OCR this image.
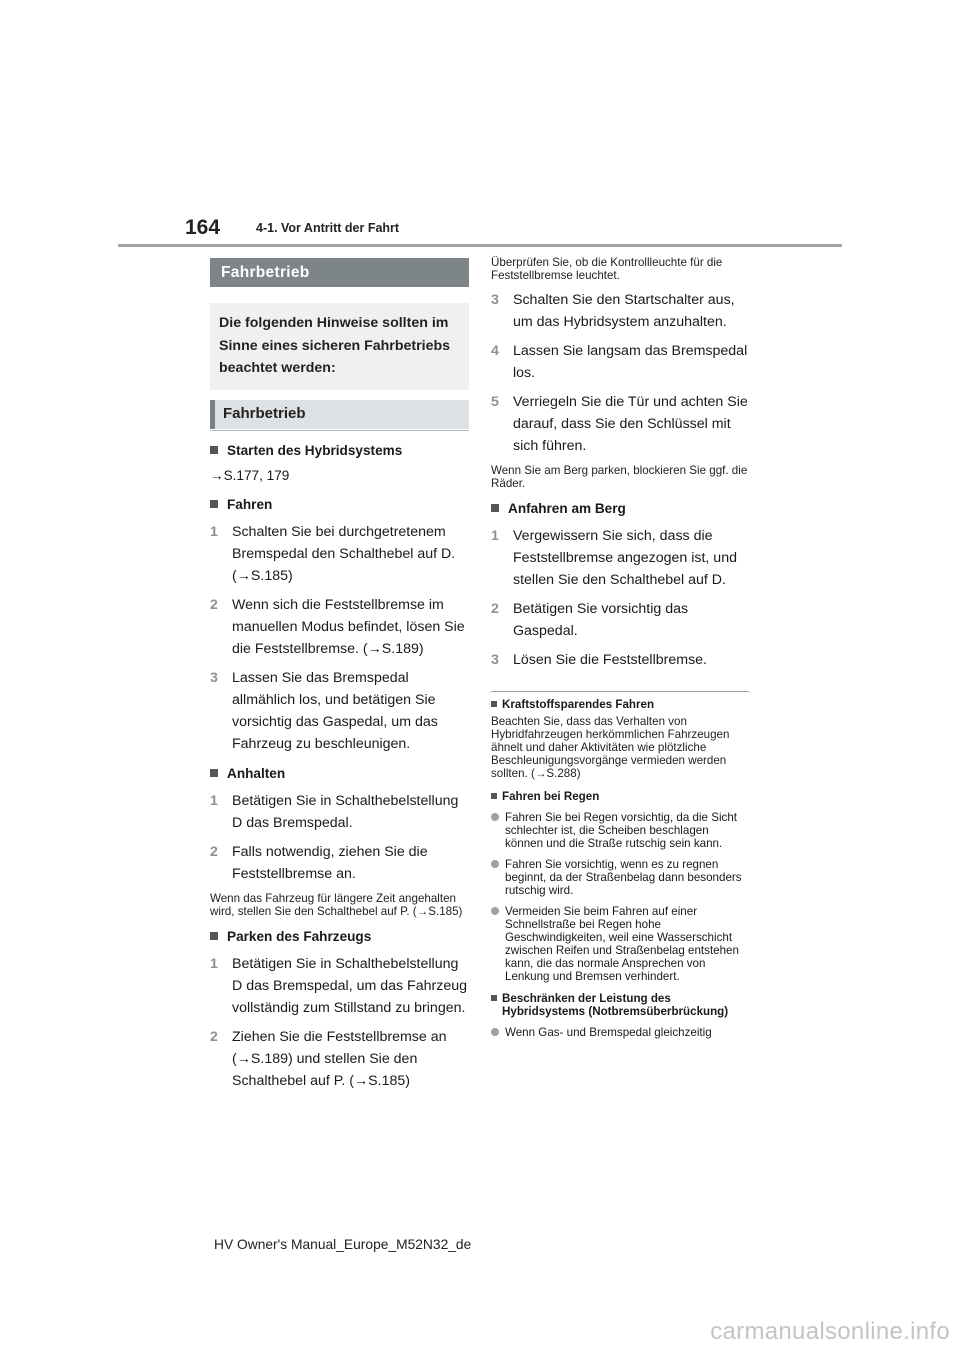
164	4-1. Vor Antritt der Fahrt
Fahrbetrieb
Die folgenden Hinweise sollten im Sinne eines sicheren Fahrbetriebs beachtet werden:
Fahrbetrieb
Starten des Hybridsystems
→S.177, 179
Fahren
1 Schalten Sie bei durchgetretenem Bremspedal den Schalthebel auf D. (→S.185)
2 Wenn sich die Feststellbremse im manuellen Modus befindet, lösen Sie die Feststellbremse. (→S.189)
3 Lassen Sie das Bremspedal allmählich los, und betätigen Sie vorsichtig das Gaspedal, um das Fahrzeug zu beschleunigen.
Anhalten
1 Betätigen Sie in Schalthebelstellung D das Bremspedal.
2 Falls notwendig, ziehen Sie die Feststellbremse an.
Wenn das Fahrzeug für längere Zeit angehalten wird, stellen Sie den Schalthebel auf P. (→S.185)
Parken des Fahrzeugs
1 Betätigen Sie in Schalthebelstellung D das Bremspedal, um das Fahrzeug vollständig zum Stillstand zu bringen.
2 Ziehen Sie die Feststellbremse an (→S.189) und stellen Sie den Schalthebel auf P. (→S.185)
Überprüfen Sie, ob die Kontrollleuchte für die Feststellbremse leuchtet.
3 Schalten Sie den Startschalter aus, um das Hybridsystem anzuhalten.
4 Lassen Sie langsam das Bremspedal los.
5 Verriegeln Sie die Tür und achten Sie darauf, dass Sie den Schlüssel mit sich führen.
Wenn Sie am Berg parken, blockieren Sie ggf. die Räder.
Anfahren am Berg
1 Vergewissern Sie sich, dass die Feststellbremse angezogen ist, und stellen Sie den Schalthebel auf D.
2 Betätigen Sie vorsichtig das Gaspedal.
3 Lösen Sie die Feststellbremse.
Kraftstoffsparendes Fahren
Beachten Sie, dass das Verhalten von Hybridfahrzeugen herkömmlichen Fahrzeugen ähnelt und daher Aktivitäten wie plötzliche Beschleunigungsvorgänge vermieden werden sollten. (→S.288)
Fahren bei Regen
Fahren Sie bei Regen vorsichtig, da die Sicht schlechter ist, die Scheiben beschlagen können und die Straße rutschig sein kann.
Fahren Sie vorsichtig, wenn es zu regnen beginnt, da der Straßenbelag dann besonders rutschig wird.
Vermeiden Sie beim Fahren auf einer Schnellstraße bei Regen hohe Geschwindigkeiten, weil eine Wasserschicht zwischen Reifen und Straßenbelag entstehen kann, die das normale Ansprechen von Lenkung und Bremsen verhindert.
Beschränken der Leistung des Hybridsystems (Notbremsüberbrückung)
Wenn Gas- und Bremspedal gleichzeitig
HV Owner's Manual_Europe_M52N32_de
carmanualsonline.info
